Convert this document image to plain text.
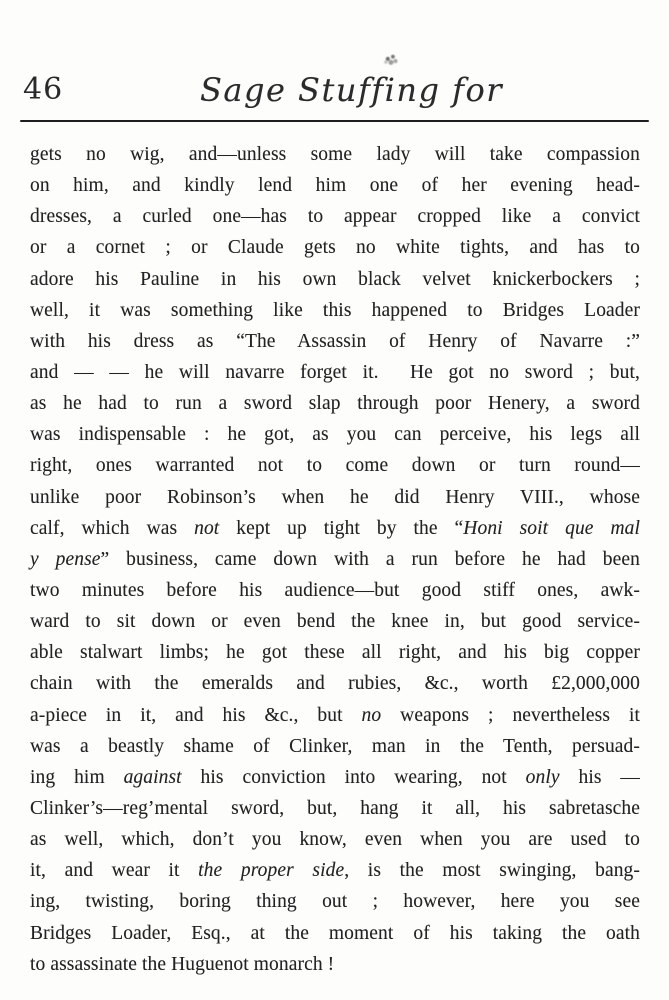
46	Sage Stuffing for
gets no wig, and—unless some lady will take compassion
on him, and kindly lend him one of her evening head-
dresses, a curled one—has to appear cropped like a convict
or a cornet ; or Claude gets no white tights, and has to
adore his Pauline in his own black velvet knickerbockers ;
well, it was something like this happened to Bridges Loader
with his dress as “The Assassin of Henry of Navarre :”
and — — he will navarre forget it.  He got no sword ; but,
as he had to run a sword slap through poor Henery, a sword
was indispensable : he got, as you can perceive, his legs all
right, ones warranted not to come down or turn round—
unlike poor Robinson’s when he did Henry VIII., whose
calf, which was not kept up tight by the “Honi soit que mal
y pense” business, came down with a run before he had been
two minutes before his audience—but good stiff ones, awk-
ward to sit down or even bend the knee in, but good service-
able stalwart limbs; he got these all right, and his big copper
chain with the emeralds and rubies, &c., worth £2,000,000
a-piece in it, and his &c., but no weapons ; nevertheless it
was a beastly shame of Clinker, man in the Tenth, persuad-
ing him against his conviction into wearing, not only his —
Clinker’s—reg’mental sword, but, hang it all, his sabretasche
as well, which, don’t you know, even when you are used to
it, and wear it the proper side, is the most swinging, bang-
ing, twisting, boring thing out ; however, here you see
Bridges Loader, Esq., at the moment of his taking the oath
to assassinate the Huguenot monarch !
